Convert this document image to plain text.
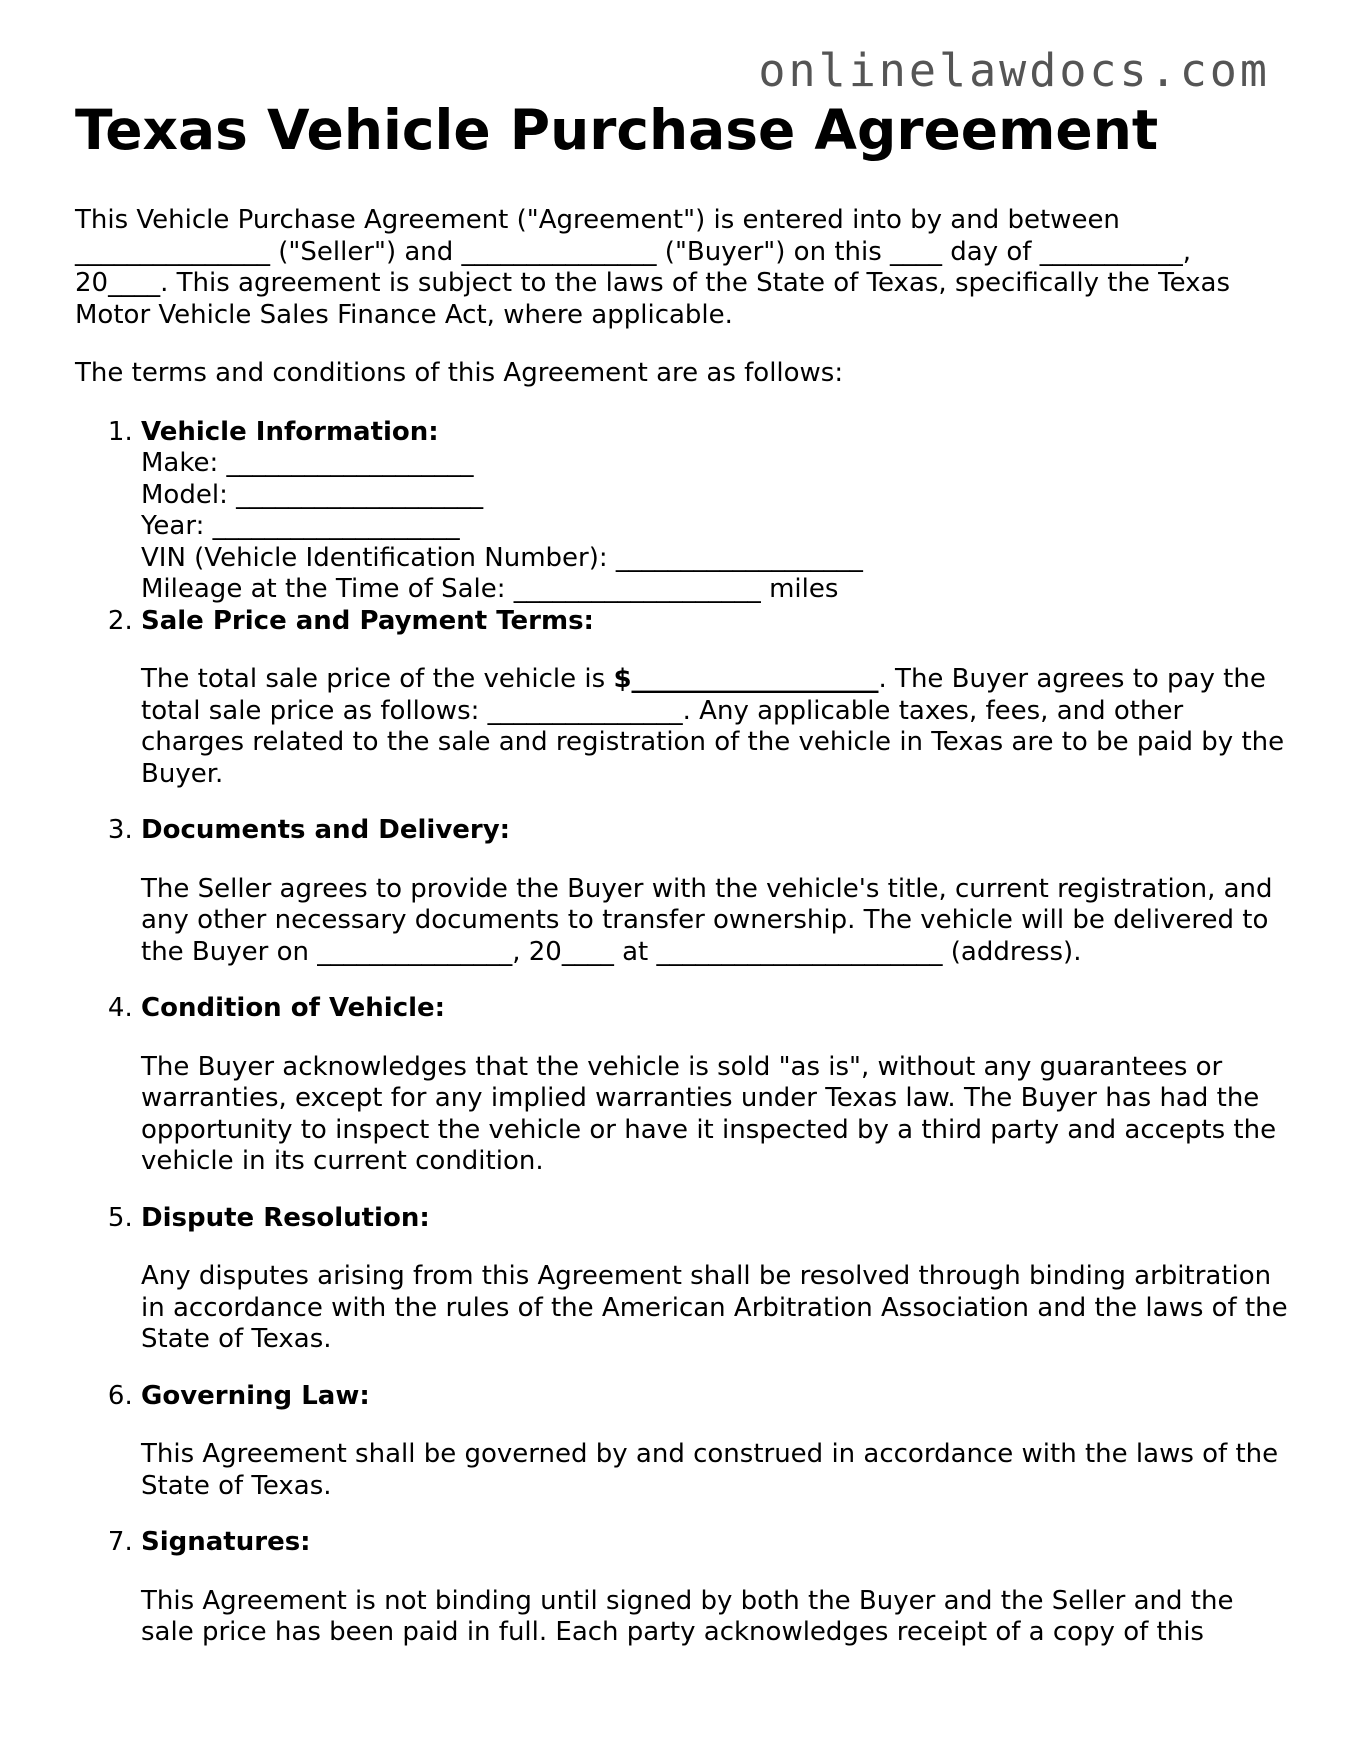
onlinelawdocs.com
Texas Vehicle Purchase Agreement

This Vehicle Purchase Agreement ("Agreement") is entered into by and between _______________ ("Seller") and _______________ ("Buyer") on this ____ day of ___________, 20____. This agreement is subject to the laws of the State of Texas, specifically the Texas Motor Vehicle Sales Finance Act, where applicable.

The terms and conditions of this Agreement are as follows:

1. Vehicle Information:
Make: ___________________
Model: ___________________
Year: ___________________
VIN (Vehicle Identification Number): ___________________
Mileage at the Time of Sale: ___________________ miles
2. Sale Price and Payment Terms:

The total sale price of the vehicle is $___________________. The Buyer agrees to pay the total sale price as follows: _______________. Any applicable taxes, fees, and other charges related to the sale and registration of the vehicle in Texas are to be paid by the Buyer.

3. Documents and Delivery:

The Seller agrees to provide the Buyer with the vehicle's title, current registration, and any other necessary documents to transfer ownership. The vehicle will be delivered to the Buyer on _______________, 20____ at ______________________ (address).

4. Condition of Vehicle:

The Buyer acknowledges that the vehicle is sold "as is", without any guarantees or warranties, except for any implied warranties under Texas law. The Buyer has had the opportunity to inspect the vehicle or have it inspected by a third party and accepts the vehicle in its current condition.

5. Dispute Resolution:

Any disputes arising from this Agreement shall be resolved through binding arbitration in accordance with the rules of the American Arbitration Association and the laws of the State of Texas.

6. Governing Law:

This Agreement shall be governed by and construed in accordance with the laws of the State of Texas.

7. Signatures:

This Agreement is not binding until signed by both the Buyer and the Seller and the sale price has been paid in full. Each party acknowledges receipt of a copy of this
